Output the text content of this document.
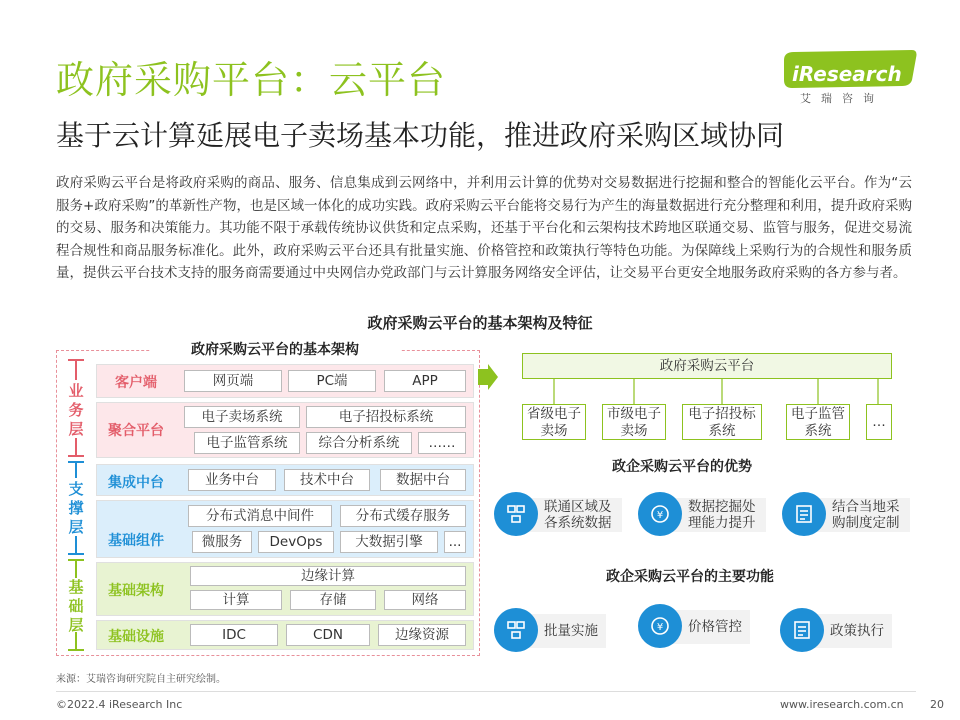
政府采购平台：云平台
基于云计算延展电子卖场基本功能，推进政府采购区域协同
iResearch
艾瑞咨询
政府采购云平台是将政府采购的商品、服务、信息集成到云网络中，并利用云计算的优势对交易数据进行挖掘和整合的智能化云平台。作为“云服务+政府采购”的革新性产物，也是区域一体化的成功实践。政府采购云平台能将交易行为产生的海量数据进行充分整理和利用，提升政府采购的交易、服务和决策能力。其功能不限于承载传统协议供货和定点采购，还基于平台化和云架构技术跨地区联通交易、监管与服务，促进交易流程合规性和商品服务标准化。此外，政府采购云平台还具有批量实施、价格管控和政策执行等特色功能。为保障线上采购行为的合规性和服务质量，提供云平台技术支持的服务商需要通过中央网信办党政部门与云计算服务网络安全评估，让交易平台更安全地服务政府采购的各方参与者。
政府采购云平台的基本架构及特征
政府采购云平台的基本架构
业务层
支撑层
基础层
客户端	网页端	PC端	APP
聚合平台
电子卖场系统	电子招投标系统
电子监管系统	综合分析系统	……
集成中台	业务中台	技术中台	数据中台
基础组件
分布式消息中间件	分布式缓存服务
微服务	DevOps	大数据引擎	...
基础架构
边缘计算
计算	存储	网络
基础设施	IDC	CDN	边缘资源
政府采购云平台
省级电子卖场
市级电子卖场
电子招投标系统
电子监管系统
…
政企采购云平台的优势
联通区域及各系统数据
数据挖掘处理能力提升
¥
结合当地采购制度定制
政企采购云平台的主要功能
批量实施	价格管控
¥	政策执行
来源：艾瑞咨询研究院自主研究绘制。
©2022.4 iResearch Inc	www.iresearch.com.cn 20
